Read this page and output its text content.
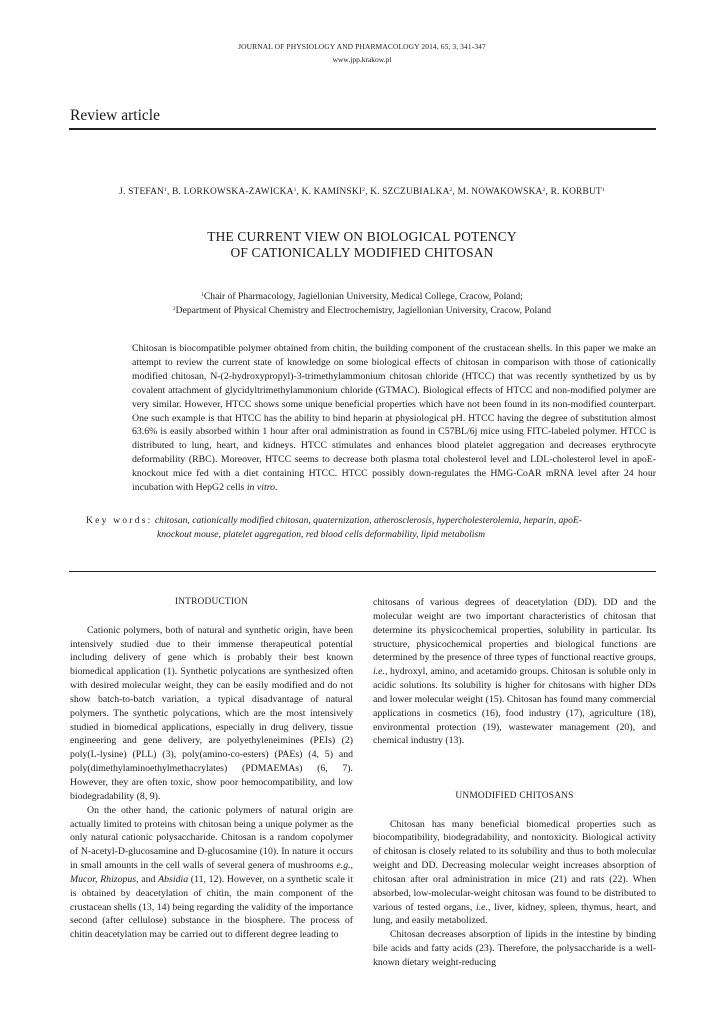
JOURNAL OF PHYSIOLOGY AND PHARMACOLOGY 2014, 65, 3, 341-347
www.jpp.krakow.pl
Review article
J. STEFAN$^1$, B. LORKOWSKA-ZAWICKA$^1$, K. KAMINSKI$^2$, K. SZCZUBIALKA$^2$, M. NOWAKOWSKA$^2$, R. KORBUT$^1$
THE CURRENT VIEW ON BIOLOGICAL POTENCY
OF CATIONICALLY MODIFIED CHITOSAN
$^1$Chair of Pharmacology, Jagiellonian University, Medical College, Cracow, Poland;
$^2$Department of Physical Chemistry and Electrochemistry, Jagiellonian University, Cracow, Poland
Chitosan is biocompatible polymer obtained from chitin, the building component of the crustacean shells. In this paper we make an attempt to review the current state of knowledge on some biological effects of chitosan in comparison with those of cationically modified chitosan, N-(2-hydroxypropyl)-3-trimethylammonium chitosan chloride (HTCC) that was recently synthetized by us by covalent attachment of glycidyltrimethylammonium chloride (GTMAC). Biological effects of HTCC and non-modified polymer are very similar. However, HTCC shows some unique beneficial properties which have not been found in its non-modified counterpart. One such example is that HTCC has the ability to bind heparin at physiological pH. HTCC having the degree of substitution almost 63.6% is easily absorbed within 1 hour after oral administration as found in C57BL/6j mice using FITC-labeled polymer. HTCC is distributed to lung, heart, and kidneys. HTCC stimulates and enhances blood platelet aggregation and decreases erythrocyte deformability (RBC). Moreover, HTCC seems to decrease both plasma total cholesterol level and LDL-cholesterol level in apoE-knockout mice fed with a diet containing HTCC. HTCC possibly down-regulates the HMG-CoAR mRNA level after 24 hour incubation with HepG2 cells in vitro.
Key words: chitosan, cationically modified chitosan, quaternization, atherosclerosis, hypercholesterolemia, heparin, apoE-
knockout mouse, platelet aggregation, red blood cells deformability, lipid metabolism
INTRODUCTION

Cationic polymers, both of natural and synthetic origin, have been intensively studied due to their immense therapeutical potential including delivery of gene which is probably their best known biomedical application (1). Synthetic polycations are synthesized often with desired molecular weight, they can be easily modified and do not show batch-to-batch variation, a typical disadvantage of natural polymers. The synthetic polycations, which are the most intensively studied in biomedical applications, especially in drug delivery, tissue engineering and gene delivery, are polyethyleneimines (PEIs) (2) poly(L-lysine) (PLL) (3), poly(amino-co-esters) (PAEs) (4, 5) and poly(dimethylaminoethylmethacrylates) (PDMAEMAs) (6, 7). However, they are often toxic, show poor hemocompatibility, and low biodegradability (8, 9).

On the other hand, the cationic polymers of natural origin are actually limited to proteins with chitosan being a unique polymer as the only natural cationic polysaccharide. Chitosan is a random copolymer of N-acetyl-D-glucosamine and D-glucosamine (10). In nature it occurs in small amounts in the cell walls of several genera of mushrooms e.g., Mucor, Rhizopus, and Absidia (11, 12). However, on a synthetic scale it is obtained by deacetylation of chitin, the main component of the crustacean shells (13, 14) being regarding the validity of the importance second (after cellulose) substance in the biosphere. The process of chitin deacetylation may be carried out to different degree leading to

chitosans of various degrees of deacetylation (DD). DD and the molecular weight are two important characteristics of chitosan that determine its physicochemical properties, solubility in particular. Its structure, physicochemical properties and biological functions are determined by the presence of three types of functional reactive groups, i.e., hydroxyl, amino, and acetamido groups. Chitosan is soluble only in acidic solutions. Its solubility is higher for chitosans with higher DDs and lower molecular weight (15). Chitosan has found many commercial applications in cosmetics (16), food industry (17), agriculture (18), environmental protection (19), wastewater management (20), and chemical industry (13).

UNMODIFIED CHITOSANS

Chitosan has many beneficial biomedical properties such as biocompatibility, biodegradability, and nontoxicity. Biological activity of chitosan is closely related to its solubility and thus to both molecular weight and DD. Decreasing molecular weight increases absorption of chitosan after oral administration in mice (21) and rats (22). When absorbed, low-molecular-weight chitosan was found to be distributed to various of tested organs, i.e., liver, kidney, spleen, thymus, heart, and lung, and easily metabolized.

Chitosan decreases absorption of lipids in the intestine by binding bile acids and fatty acids (23). Therefore, the polysaccharide is a well-known dietary weight-reducing
